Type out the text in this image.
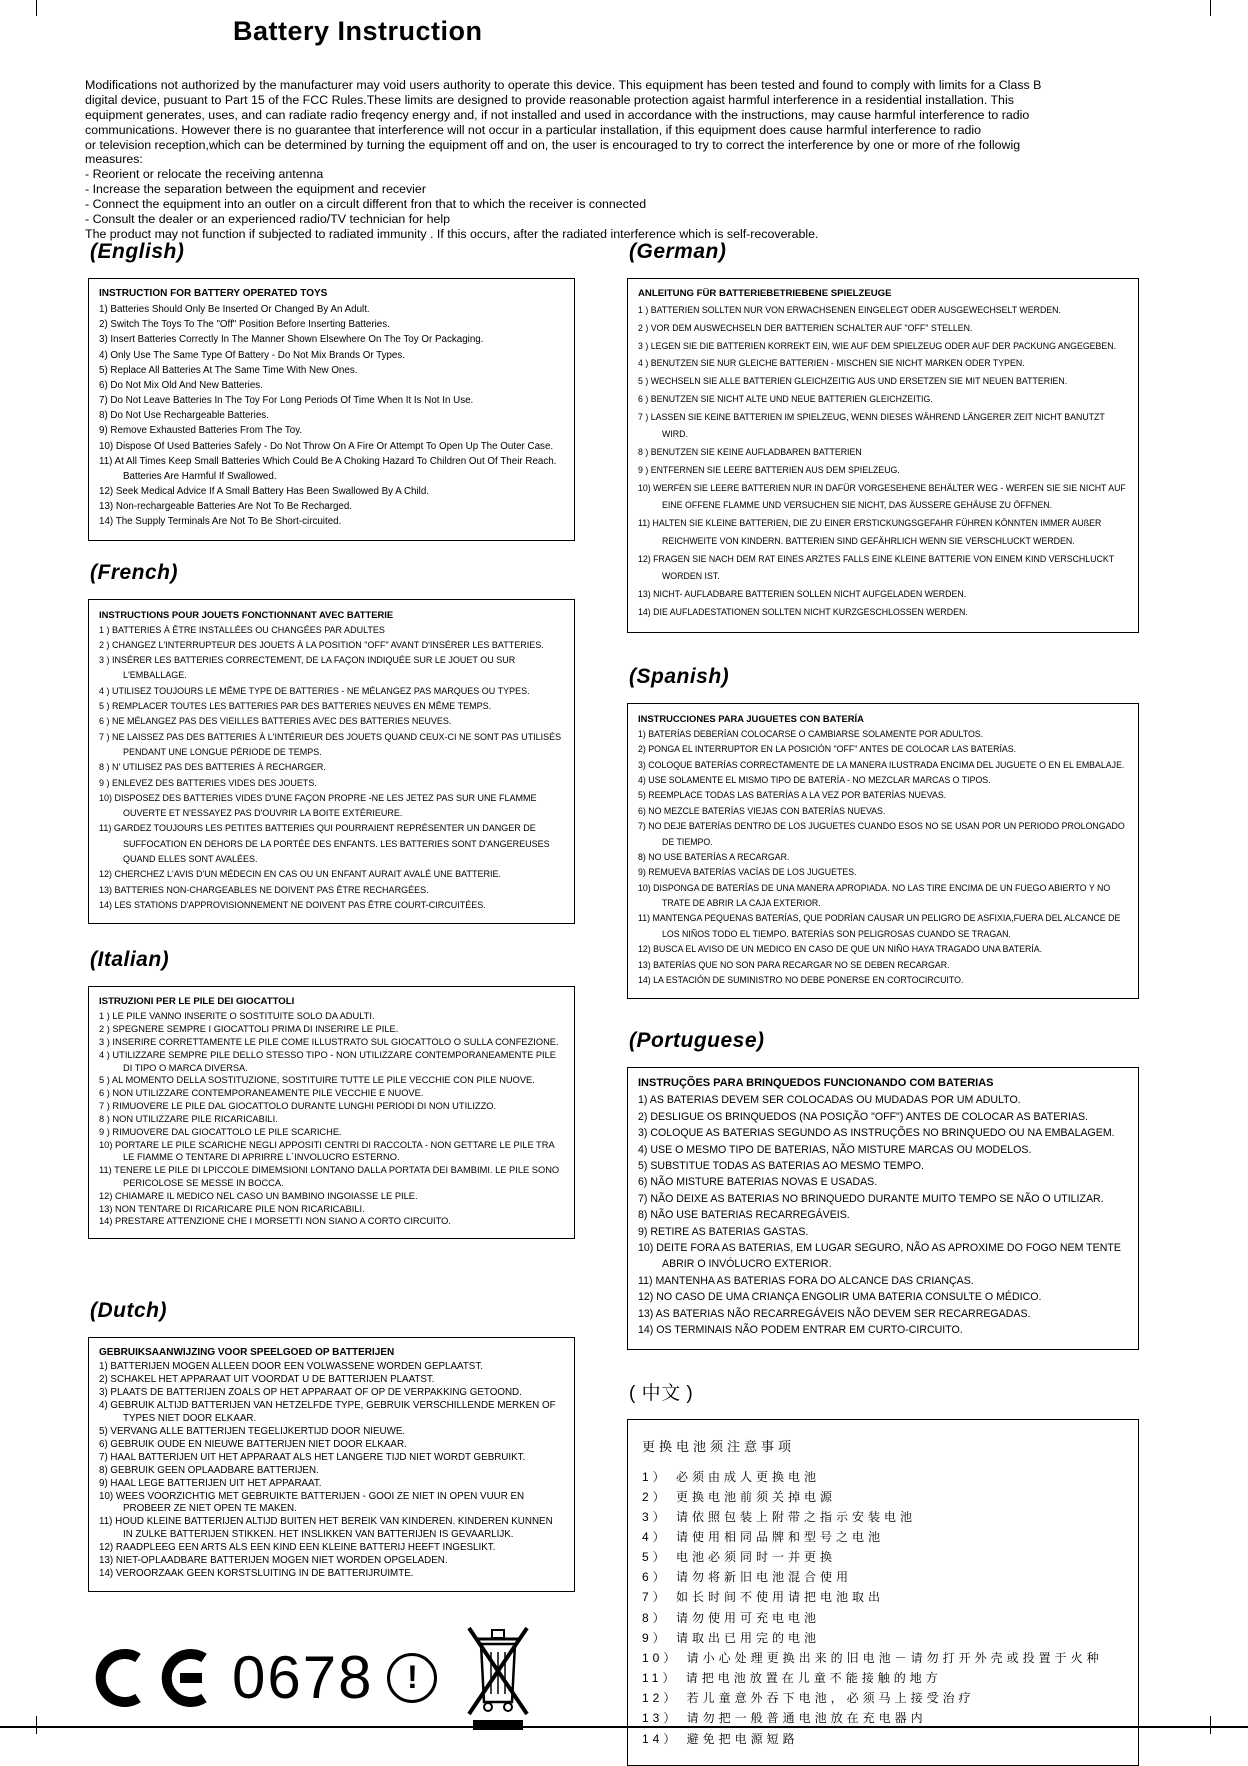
Battery Instruction
Modifications not authorized by the manufacturer may void users authority to operate this device. This equipment has been tested and found to comply with limits for a Class B
digital device, pusuant to Part 15 of the FCC Rules.These limits are designed to provide reasonable protection agaist harmful interference in a residential installation. This
equipment generates, uses, and can radiate radio freqency energy and, if not installed and used in accordance with the instructions, may cause harmful interference to radio
communications. However there is no guarantee that interference will not occur in a particular installation, if this equipment does cause harmful interference to radio
or television reception,which can be determined by turning the equipment off and on, the user is encouraged to try to correct the interference by one or more of rhe followig
measures:
- Reorient or relocate the receiving antenna
- Increase the separation between the equipment and recevier
- Connect the equipment into an outler on a circult different fron that to which the receiver is connected
- Consult the dealer or an experienced radio/TV technician for help
The product may not function if subjected to radiated immunity . If this occurs, after the radiated interference which is self-recoverable.
(English)
INSTRUCTION FOR BATTERY OPERATED TOYS
1) Batteries Should Only Be Inserted Or Changed By An Adult.
2) Switch The Toys To The "Off" Position Before Inserting Batteries.
3) Insert Batteries Correctly In The Manner Shown Elsewhere On The Toy Or Packaging.
4) Only Use The Same Type Of Battery - Do Not Mix Brands Or Types.
5) Replace All Batteries At The Same Time With New Ones.
6) Do Not Mix Old And New Batteries.
7) Do Not Leave Batteries In The Toy For Long Periods Of Time When It Is Not In Use.
8) Do Not Use Rechargeable Batteries.
9) Remove Exhausted Batteries From The Toy.
10) Dispose Of Used Batteries Safely - Do Not Throw On A Fire Or Attempt To Open Up The Outer Case.
11) At All Times Keep Small Batteries Which Could Be A Choking Hazard To Children Out Of Their Reach. Batteries Are Harmful If Swallowed.
12) Seek Medical Advice If A Small Battery Has Been Swallowed By A Child.
13) Non-rechargeable Batteries Are Not To Be Recharged.
14) The Supply Terminals Are Not To Be Short-circuited.
(French)
INSTRUCTIONS POUR JOUETS FONCTIONNANT AVEC BATTERIE
1 ) BATTERIES À ÊTRE INSTALLÉES OU CHANGÉES PAR ADULTES
2 ) CHANGEZ L'INTERRUPTEUR DES JOUETS À LA POSITION "OFF" AVANT D'INSÉRER LES BATTERIES.
3 ) INSÉRER LES BATTERIES CORRECTEMENT, DE LA FAÇON INDIQUÉE SUR LE JOUET OU SUR L'EMBALLAGE.
4 ) UTILISEZ TOUJOURS LE MÊME TYPE DE BATTERIES - NE MÉLANGEZ PAS MARQUES OU TYPES.
5 ) REMPLACER TOUTES LES BATTERIES PAR DES BATTERIES NEUVES EN MÊME TEMPS.
6 ) NE MÉLANGEZ PAS DES VIEILLES BATTERIES AVEC DES BATTERIES NEUVES.
7 ) NE LAISSEZ PAS DES BATTERIES À L'INTÉRIEUR DES JOUETS QUAND CEUX-CI NE SONT PAS UTILISÉS PENDANT UNE LONGUE PÉRIODE DE TEMPS.
8 ) N' UTILISEZ PAS DES BATTERIES À RECHARGER.
9 ) ENLEVEZ DES BATTERIES VIDES DES JOUETS.
10) DISPOSEZ DES BATTERIES VIDES D'UNE FAÇON PROPRE -NE LES JETEZ PAS SUR UNE FLAMME OUVERTE ET N'ESSAYEZ PAS D'OUVRIR LA BOITE EXTÉRIEURE.
11) GARDEZ TOUJOURS LES PETITES BATTERIES QUI POURRAIENT REPRÉSENTER UN DANGER DE SUFFOCATION EN DEHORS DE LA PORTÉE DES ENFANTS. LES BATTERIES SONT D'ANGEREUSES QUAND ELLES SONT AVALÉES.
12) CHERCHEZ L'AVIS D'UN MÉDECIN EN CAS OU UN ENFANT AURAIT AVALÉ UNE BATTERIE.
13) BATTERIES NON-CHARGEABLES NE DOIVENT PAS ÊTRE RECHARGÉES.
14) LES STATIONS D'APPROVISIONNEMENT NE DOIVENT PAS ÊTRE COURT-CIRCUITÉES.
(Italian)
ISTRUZIONI PER LE PILE DEI GIOCATTOLI
1 ) LE PILE VANNO INSERITE O SOSTITUITE SOLO DA ADULTI.
2 ) SPEGNERE SEMPRE I GIOCATTOLI PRIMA DI INSERIRE LE PILE.
3 ) INSERIRE CORRETTAMENTE LE PILE COME ILLUSTRATO SUL GIOCATTOLO O SULLA CONFEZIONE.
4 ) UTILIZZARE SEMPRE PILE DELLO STESSO TIPO - NON UTILIZZARE CONTEMPORANEAMENTE PILE DI TIPO O MARCA DIVERSA.
5 ) AL MOMENTO DELLA SOSTITUZIONE, SOSTITUIRE TUTTE LE PILE VECCHIE CON PILE NUOVE.
6 ) NON UTILIZZARE CONTEMPORANEAMENTE PILE VECCHIE E NUOVE.
7 ) RIMUOVERE LE PILE DAL GIOCATTOLO DURANTE LUNGHI PERIODI DI NON UTILIZZO.
8 ) NON UTILIZZARE PILE RICARICABILI.
9 ) RIMUOVERE DAL GIOCATTOLO LE PILE SCARICHE.
10) PORTARE LE PILE SCARICHE NEGLI APPOSITI CENTRI DI RACCOLTA - NON GETTARE LE PILE TRA LE FIAMME O TENTARE DI APRIRRE L`INVOLUCRO ESTERNO.
11) TENERE LE PILE DI LPICCOLE DIMEMSIONI LONTANO DALLA PORTATA DEI BAMBIMI. LE PILE SONO PERICOLOSE SE MESSE IN BOCCA.
12) CHIAMARE IL MEDICO NEL CASO UN BAMBINO INGOIASSE LE PILE.
13) NON TENTARE DI RICARICARE PILE NON RICARICABILI.
14) PRESTARE ATTENZIONE CHE I MORSETTI NON SIANO A CORTO CIRCUITO.
(Dutch)
GEBRUIKSAANWIJZING VOOR SPEELGOED OP BATTERIJEN
1) BATTERIJEN MOGEN ALLEEN DOOR EEN VOLWASSENE WORDEN GEPLAATST.
2) SCHAKEL HET APPARAAT UIT VOORDAT U DE BATTERIJEN PLAATST.
3) PLAATS DE BATTERIJEN ZOALS OP HET APPARAAT OF OP DE VERPAKKING GETOOND.
4) GEBRUIK ALTIJD BATTERIJEN VAN HETZELFDE TYPE, GEBRUIK VERSCHILLENDE MERKEN OF TYPES NIET DOOR ELKAAR.
5) VERVANG ALLE BATTERIJEN TEGELIJKERTIJD DOOR NIEUWE.
6) GEBRUIK OUDE EN NIEUWE BATTERIJEN NIET DOOR ELKAAR.
7) HAAL BATTERIJEN UIT HET APPARAAT ALS HET LANGERE TIJD NIET WORDT GEBRUIKT.
8) GEBRUIK GEEN OPLAADBARE BATTERIJEN.
9) HAAL LEGE BATTERIJEN UIT HET APPARAAT.
10) WEES VOORZICHTIG MET GEBRUIKTE BATTERIJEN - GOOI ZE NIET IN OPEN VUUR EN PROBEER ZE NIET OPEN TE MAKEN.
11) HOUD KLEINE BATTERIJEN ALTIJD BUITEN HET BEREIK VAN KINDEREN. KINDEREN KUNNEN IN ZULKE BATTERIJEN STIKKEN. HET INSLIKKEN VAN BATTERIJEN IS GEVAARLIJK.
12) RAADPLEEG EEN ARTS ALS EEN KIND EEN KLEINE BATTERIJ HEEFT INGESLIKT.
13) NIET-OPLAADBARE BATTERIJEN MOGEN NIET WORDEN OPGELADEN.
14) VEROORZAAK GEEN KORSTSLUITING IN DE BATTERIJRUIMTE.
0678 !
(German)
ANLEITUNG FÜR BATTERIEBETRIEBENE SPIELZEUGE
1 ) BATTERIEN SOLLTEN NUR VON ERWACHSENEN EINGELEGT ODER AUSGEWECHSELT WERDEN.
2 ) VOR DEM AUSWECHSELN DER BATTERIEN SCHALTER AUF "OFF" STELLEN.
3 ) LEGEN SIE DIE BATTERIEN KORREKT EIN, WIE AUF DEM SPIELZEUG ODER AUF DER PACKUNG ANGEGEBEN.
4 ) BENUTZEN SIE NUR GLEICHE BATTERIEN - MISCHEN SIE NICHT MARKEN ODER TYPEN.
5 ) WECHSELN SIE ALLE BATTERIEN GLEICHZEITIG AUS UND ERSETZEN SIE MIT NEUEN BATTERIEN.
6 ) BENUTZEN SIE NICHT ALTE UND NEUE BATTERIEN GLEICHZEITIG.
7 ) LASSEN SIE KEINE BATTERIEN IM SPIELZEUG, WENN DIESES WÄHREND LÄNGERER ZEIT NICHT BANUTZT WIRD.
8 ) BENUTZEN SIE KEINE AUFLADBAREN BATTERIEN
9 ) ENTFERNEN SIE LEERE BATTERIEN AUS DEM SPIELZEUG.
10) WERFEN SIE LEERE BATTERIEN NUR IN DAFÜR VORGESEHENE BEHÄLTER WEG - WERFEN SIE SIE NICHT AUF EINE OFFENE FLAMME UND VERSUCHEN SIE NICHT, DAS ÄUSSERE GEHÄUSE ZU ÖFFNEN.
11) HALTEN SIE KLEINE BATTERIEN, DIE ZU EINER ERSTICKUNGSGEFAHR FÜHREN KÖNNTEN IMMER AUßER REICHWEITE VON KINDERN. BATTERIEN SIND GEFÄHRLICH WENN SIE VERSCHLUCKT WERDEN.
12) FRAGEN SIE NACH DEM RAT EINES ARZTES FALLS EINE KLEINE BATTERIE VON EINEM KIND VERSCHLUCKT WORDEN IST.
13) NICHT- AUFLADBARE BATTERIEN SOLLEN NICHT AUFGELADEN WERDEN.
14) DIE AUFLADESTATIONEN SOLLTEN NICHT KURZGESCHLOSSEN WERDEN.
(Spanish)
INSTRUCCIONES PARA JUGUETES CON BATERÍA
1) BATERÍAS DEBERÍAN COLOCARSE O CAMBIARSE SOLAMENTE POR ADULTOS.
2) PONGA EL INTERRUPTOR EN LA POSICIÓN "OFF" ANTES DE COLOCAR LAS BATERÍAS.
3) COLOQUE BATERÍAS CORRECTAMENTE DE LA MANERA ILUSTRADA ENCIMA DEL JUGUETE O EN EL EMBALAJE.
4) USE SOLAMENTE EL MISMO TIPO DE BATERÍA - NO MEZCLAR MARCAS O TIPOS.
5) REEMPLACE TODAS LAS BATERÍAS A LA VEZ POR BATERÍAS NUEVAS.
6) NO MEZCLE BATERÍAS VIEJAS CON BATERÍAS NUEVAS.
7) NO DEJE BATERÍAS DENTRO DE LOS JUGUETES CUANDO ESOS NO SE USAN POR UN PERIODO PROLONGADO DE TIEMPO.
8) NO USE BATERÍAS A RECARGAR.
9) REMUEVA BATERÍAS VACÍAS DE LOS JUGUETES.
10) DISPONGA DE BATERÍAS DE UNA MANERA APROPIADA. NO LAS TIRE ENCIMA DE UN FUEGO ABIERTO Y NO TRATE DE ABRIR LA CAJA EXTERIOR.
11) MANTENGA PEQUENAS BATERÍAS, QUE PODRÍAN CAUSAR UN PELIGRO DE ASFIXIA,FUERA DEL ALCANCE DE LOS NIÑOS TODO EL TIEMPO. BATERÍAS SON PELIGROSAS CUANDO SE TRAGAN.
12) BUSCA EL AVISO DE UN MEDICO EN CASO DE QUE UN NIÑO HAYA TRAGADO UNA BATERÍA.
13) BATERÍAS QUE NO SON PARA RECARGAR NO SE DEBEN RECARGAR.
14) LA ESTACIÓN DE SUMINISTRO NO DEBE PONERSE EN CORTOCIRCUITO.
(Portuguese)
INSTRUÇÕES PARA BRINQUEDOS FUNCIONANDO COM BATERIAS
1) AS BATERIAS DEVEM SER COLOCADAS OU MUDADAS POR UM ADULTO.
2) DESLIGUE OS BRINQUEDOS (NA POSIÇÃO "OFF") ANTES DE COLOCAR AS BATERIAS.
3) COLOQUE AS BATERIAS SEGUNDO AS INSTRUÇÕES NO BRINQUEDO OU NA EMBALAGEM.
4) USE O MESMO TIPO DE BATERIAS, NÃO MISTURE MARCAS OU MODELOS.
5) SUBSTITUE TODAS AS BATERIAS AO MESMO TEMPO.
6) NÃO MISTURE BATERIAS NOVAS E USADAS.
7) NÃO DEIXE AS BATERIAS NO BRINQUEDO DURANTE MUITO TEMPO SE NÃO O UTILIZAR.
8) NÃO USE BATERIAS RECARREGÁVEIS.
9) RETIRE AS BATERIAS GASTAS.
10) DEITE FORA AS BATERIAS, EM LUGAR SEGURO, NÃO AS APROXIME DO FOGO NEM TENTE ABRIR O INVÓLUCRO EXTERIOR.
11) MANTENHA AS BATERIAS FORA DO ALCANCE DAS CRIANÇAS.
12) NO CASO DE UMA CRIANÇA ENGOLIR UMA BATERIA CONSULTE O MÉDICO.
13) AS BATERIAS NÃO RECARREGÁVEIS NÃO DEVEM SER RECARREGADAS.
14) OS TERMINAIS NÃO PODEM ENTRAR EM CURTO-CIRCUITO.
( 中文 )
更换电池须注意事项
1） 必须由成人更换电池
2） 更换电池前须关掉电源
3） 请依照包装上附带之指示安装电池
4） 请使用相同品牌和型号之电池
5） 电池必须同时一并更换
6） 请勿将新旧电池混合使用
7） 如长时间不使用请把电池取出
8） 请勿使用可充电电池
9） 请取出已用完的电池
10） 请小心处理更换出来的旧电池－请勿打开外壳或投置于火种
11） 请把电池放置在儿童不能接触的地方
12） 若儿童意外吞下电池，必须马上接受治疗
13） 请勿把一般普通电池放在充电器内
14） 避免把电源短路
